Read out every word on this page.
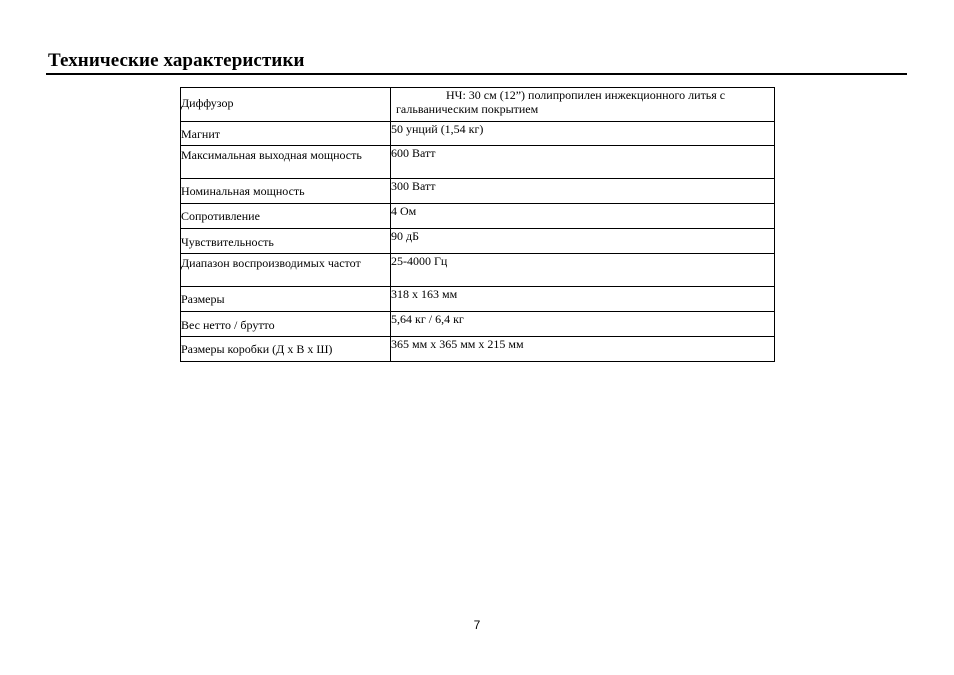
Технические характеристики
Диффузор	НЧ: 30 см (12”) полипропилен инжекционного литья с гальваническим покрытием
Магнит	50 унций (1,54 кг)
Максимальная выходная мощность	600 Ватт
Номинальная мощность	300 Ватт
Сопротивление	4 Ом
Чувствительность	90 дБ
Диапазон воспроизводимых частот	25-4000 Гц
Размеры	318 x 163 мм
Вес нетто / брутто	5,64 кг / 6,4 кг
Размеры коробки (Д x В x Ш)	365 мм x 365 мм x 215 мм
7
